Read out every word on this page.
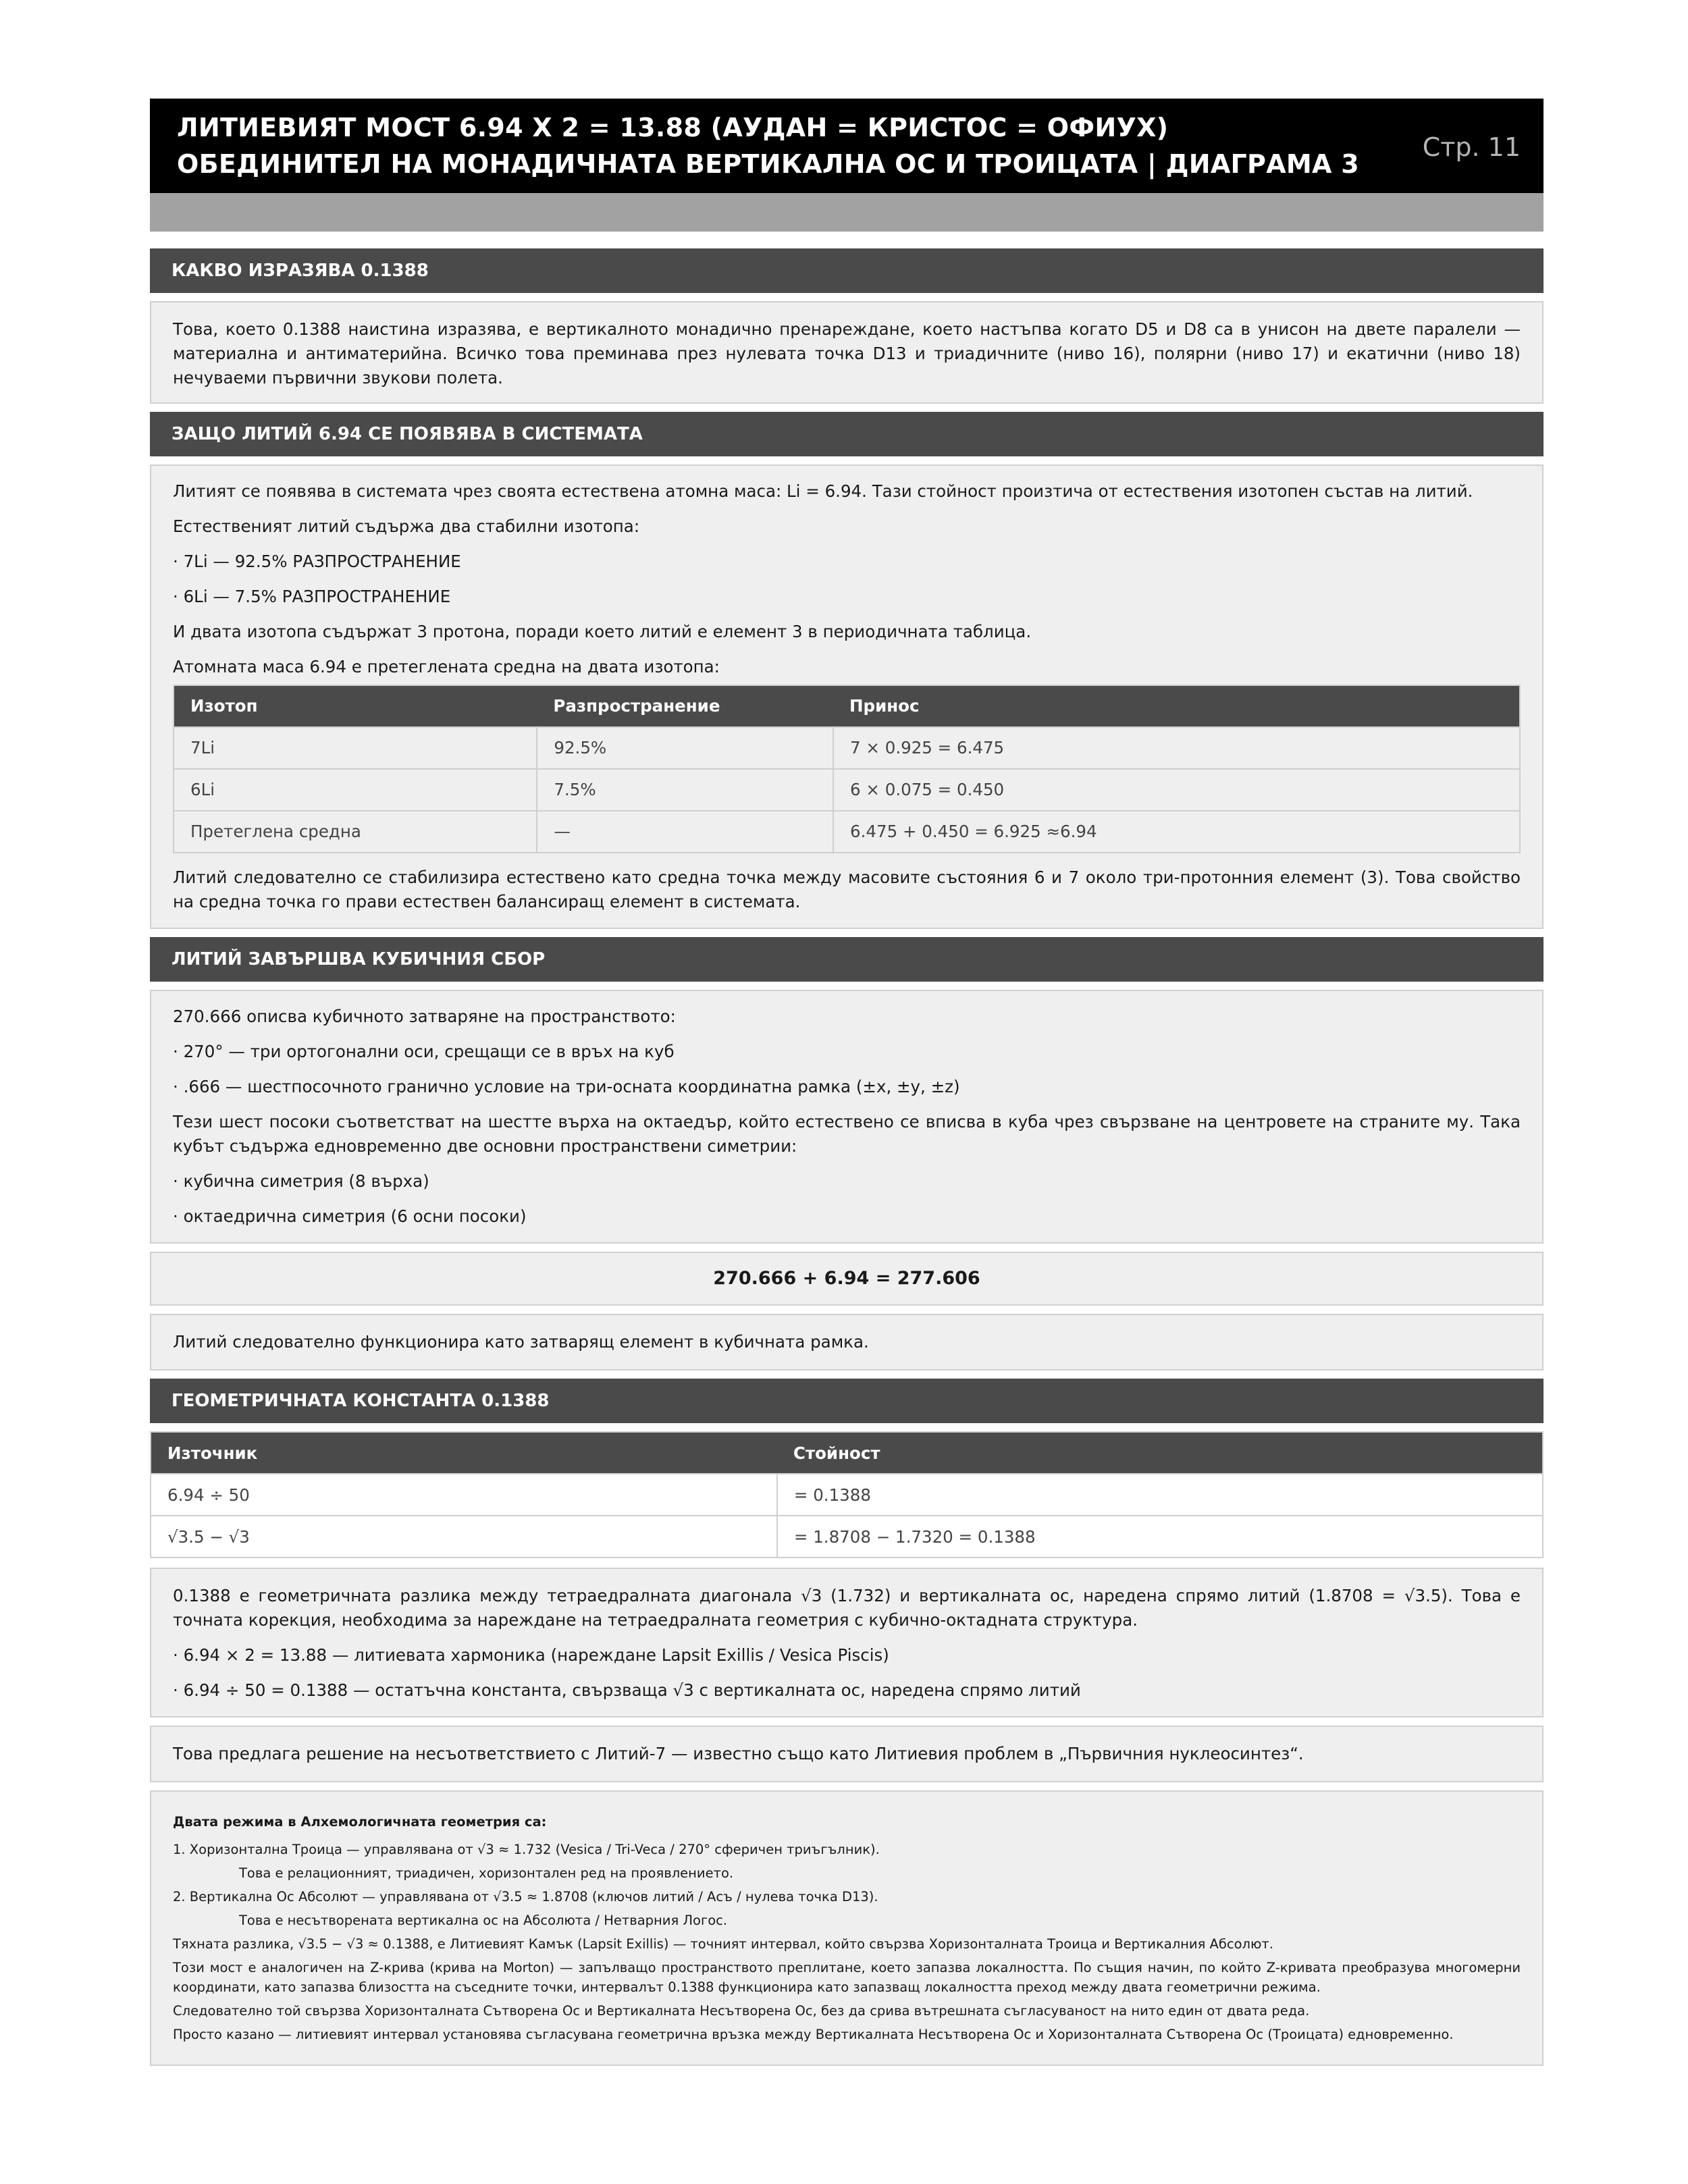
ЛИТИЕВИЯТ МОСТ 6.94 X 2 = 13.88 (АУДАН = КРИСТОС = ОФИУХ)
ОБЕДИНИТЕЛ НА МОНАДИЧНАТА ВЕРТИКАЛНА ОС И ТРОИЦАТА | ДИАГРАМА 3
Стр. 11
КАКВО ИЗРАЗЯВА 0.1388

Това, което 0.1388 наистина изразява, е вертикалното монадично пренареждане, което настъпва когато D5 и D8 са в унисон на двете паралели — материална и антиматерийна. Всичко това преминава през нулевата точка D13 и триадичните (ниво 16), полярни (ниво 17) и екатични (ниво 18) нечуваеми първични звукови полета.

ЗАЩО ЛИТИЙ 6.94 СЕ ПОЯВЯВА В СИСТЕМАТА

Литият се появява в системата чрез своята естествена атомна маса: Li = 6.94. Тази стойност произтича от естествения изотопен състав на литий.

Естественият литий съдържа два стабилни изотопа:

· 7Li — 92.5% РАЗПРОСТРАНЕНИЕ

· 6Li — 7.5% РАЗПРОСТРАНЕНИЕ

И двата изотопа съдържат 3 протона, поради което литий е елемент 3 в периодичната таблица.

Атомната маса 6.94 е претеглената средна на двата изотопа:

Изотоп	Разпространение	Принос
7Li	92.5%	7 × 0.925 = 6.475
6Li	7.5%	6 × 0.075 = 0.450
Претеглена средна	—	6.475 + 0.450 = 6.925 ≈6.94

Литий следователно се стабилизира естествено като средна точка между масовите състояния 6 и 7 около три-протонния елемент (3). Това свойство на средна точка го прави естествен балансиращ елемент в системата.

ЛИТИЙ ЗАВЪРШВА КУБИЧНИЯ СБОР

270.666 описва кубичното затваряне на пространството:

· 270° — три ортогонални оси, срещащи се в връх на куб

· .666 — шестпосочното гранично условие на три-осната координатна рамка (±x, ±y, ±z)

Тези шест посоки съответстват на шестте върха на октаедър, който естествено се вписва в куба чрез свързване на центровете на страните му. Така кубът съдържа едновременно две основни пространствени симетрии:

· кубична симетрия (8 върха)

· октаедрична симетрия (6 осни посоки)

270.666 + 6.94 = 277.606

Литий следователно функционира като затварящ елемент в кубичната рамка.

ГЕОМЕТРИЧНАТА КОНСТАНТА 0.1388
Източник	Стойност
6.94 ÷ 50	= 0.1388
√3.5 − √3	= 1.8708 − 1.7320 = 0.1388

0.1388 е геометричната разлика между тетраедралната диагонала √3 (1.732) и вертикалната ос, наредена спрямо литий (1.8708 = √3.5). Това е точната корекция, необходима за нареждане на тетраедралната геометрия с кубично-октадната структура.

· 6.94 × 2 = 13.88 — литиевата хармоника (нареждане Lapsit Exillis / Vesica Piscis)

· 6.94 ÷ 50 = 0.1388 — остатъчна константа, свързваща √3 с вертикалната ос, наредена спрямо литий

Това предлага решение на несъответствието с Литий-7 — известно също като Литиевия проблем в „Първичния нуклеосинтез“.

Двата режима в Алхемологичната геометрия са:

1. Хоризонтална Троица — управлявана от √3 ≈ 1.732 (Vesica / Tri-Veca / 270° сферичен триъгълник).

Това е релационният, триадичен, хоризонтален ред на проявлението.

2. Вертикална Ос Абсолют — управлявана от √3.5 ≈ 1.8708 (ключов литий / Асъ / нулева точка D13).

Това е несътворената вертикална ос на Абсолюта / Нетварния Логос.

Тяхната разлика, √3.5 − √3 ≈ 0.1388, е Литиевият Камък (Lapsit Exillis) — точният интервал, който свързва Хоризонталната Троица и Вертикалния Абсолют.

Този мост е аналогичен на Z-крива (крива на Morton) — запълващо пространството преплитане, което запазва локалността. По същия начин, по който Z-кривата преобразува многомерни координати, като запазва близостта на съседните точки, интервалът 0.1388 функционира като запазващ локалността преход между двата геометрични режима.

Следователно той свързва Хоризонталната Сътворена Ос и Вертикалната Несътворена Ос, без да срива вътрешната съгласуваност на нито един от двата реда.

Просто казано — литиевият интервал установява съгласувана геометрична връзка между Вертикалната Несътворена Ос и Хоризонталната Сътворена Ос (Троицата) едновременно.
